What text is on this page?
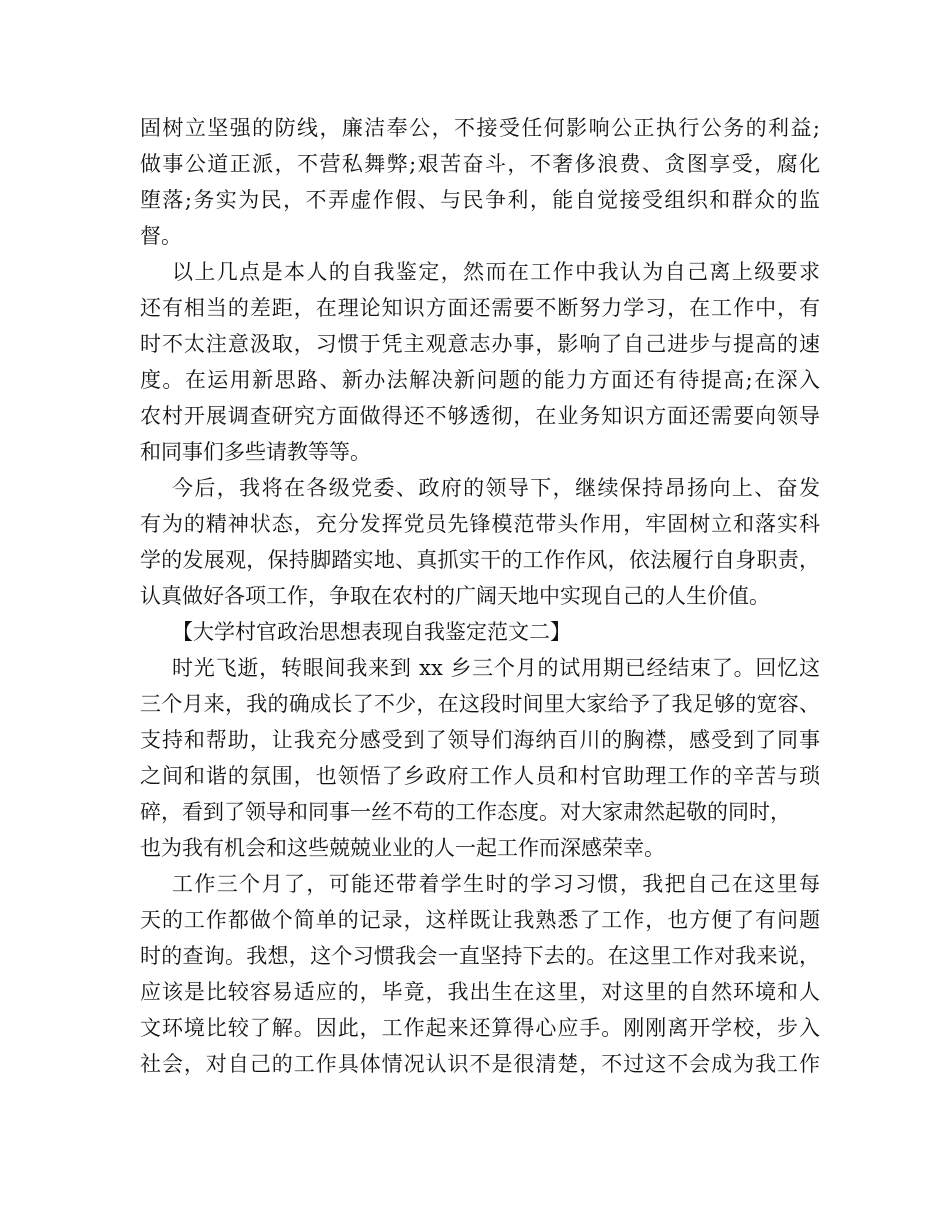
固树立坚强的防线，廉洁奉公，不接受任何影响公正执行公务的利益;
做事公道正派，不营私舞弊;艰苦奋斗，不奢侈浪费、贪图享受，腐化
堕落;务实为民，不弄虚作假、与民争利，能自觉接受组织和群众的监
督。
以上几点是本人的自我鉴定，然而在工作中我认为自己离上级要求
还有相当的差距，在理论知识方面还需要不断努力学习，在工作中，有
时不太注意汲取，习惯于凭主观意志办事，影响了自己进步与提高的速
度。在运用新思路、新办法解决新问题的能力方面还有待提高;在深入
农村开展调查研究方面做得还不够透彻，在业务知识方面还需要向领导
和同事们多些请教等等。
今后，我将在各级党委、政府的领导下，继续保持昂扬向上、奋发
有为的精神状态，充分发挥党员先锋模范带头作用，牢固树立和落实科
学的发展观，保持脚踏实地、真抓实干的工作作风，依法履行自身职责，
认真做好各项工作，争取在农村的广阔天地中实现自己的人生价值。
【大学村官政治思想表现自我鉴定范文二】
时光飞逝，转眼间我来到 xx 乡三个月的试用期已经结束了。回忆这
三个月来，我的确成长了不少，在这段时间里大家给予了我足够的宽容、
支持和帮助，让我充分感受到了领导们海纳百川的胸襟，感受到了同事
之间和谐的氛围，也领悟了乡政府工作人员和村官助理工作的辛苦与琐
碎，看到了领导和同事一丝不苟的工作态度。对大家肃然起敬的同时，
也为我有机会和这些兢兢业业的人一起工作而深感荣幸。
工作三个月了，可能还带着学生时的学习习惯，我把自己在这里每
天的工作都做个简单的记录，这样既让我熟悉了工作，也方便了有问题
时的查询。我想，这个习惯我会一直坚持下去的。在这里工作对我来说，
应该是比较容易适应的，毕竟，我出生在这里，对这里的自然环境和人
文环境比较了解。因此，工作起来还算得心应手。刚刚离开学校，步入
社会，对自己的工作具体情况认识不是很清楚，不过这不会成为我工作
